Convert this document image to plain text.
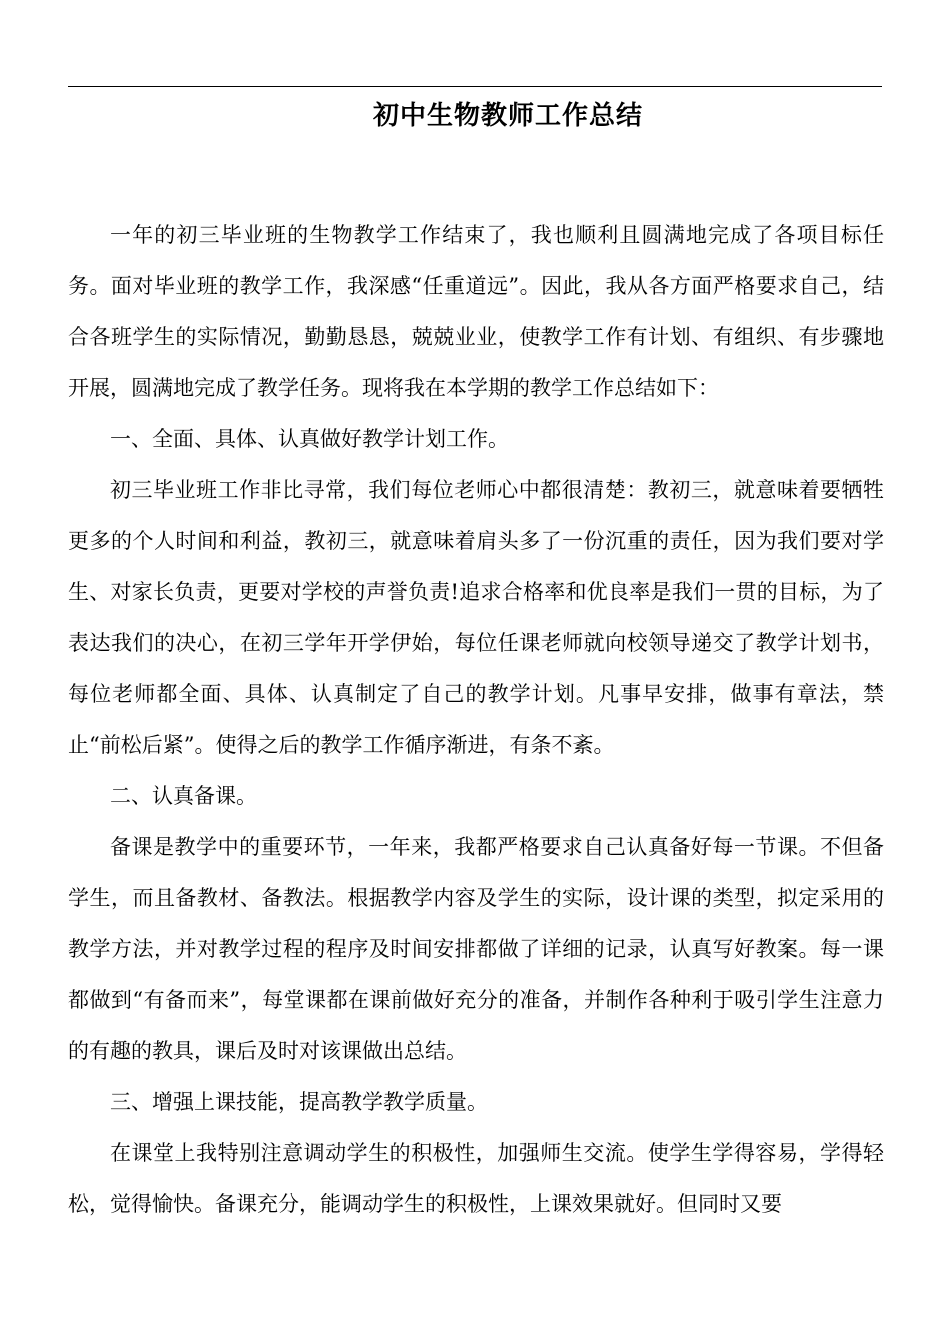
初中生物教师工作总结

一年的初三毕业班的生物教学工作结束了，我也顺利且圆满地完成了各项目标任务。面对毕业班的教学工作，我深感“任重道远”。因此，我从各方面严格要求自己，结合各班学生的实际情况，勤勤恳恳，兢兢业业，使教学工作有计划、有组织、有步骤地开展，圆满地完成了教学任务。现将我在本学期的教学工作总结如下：

一、全面、具体、认真做好教学计划工作。

初三毕业班工作非比寻常，我们每位老师心中都很清楚：教初三，就意味着要牺牲更多的个人时间和利益，教初三，就意味着肩头多了一份沉重的责任，因为我们要对学生、对家长负责，更要对学校的声誉负责!追求合格率和优良率是我们一贯的目标，为了表达我们的决心，在初三学年开学伊始，每位任课老师就向校领导递交了教学计划书，每位老师都全面、具体、认真制定了自己的教学计划。凡事早安排，做事有章法，禁止“前松后紧”。使得之后的教学工作循序渐进，有条不紊。

二、认真备课。

备课是教学中的重要环节，一年来，我都严格要求自己认真备好每一节课。不但备学生，而且备教材、备教法。根据教学内容及学生的实际，设计课的类型，拟定采用的教学方法，并对教学过程的程序及时间安排都做了详细的记录，认真写好教案。每一课都做到“有备而来”，每堂课都在课前做好充分的准备，并制作各种利于吸引学生注意力的有趣的教具，课后及时对该课做出总结。

三、增强上课技能，提高教学教学质量。

在课堂上我特别注意调动学生的积极性，加强师生交流。使学生学得容易，学得轻松，觉得愉快。备课充分，能调动学生的积极性，上课效果就好。但同时又要
